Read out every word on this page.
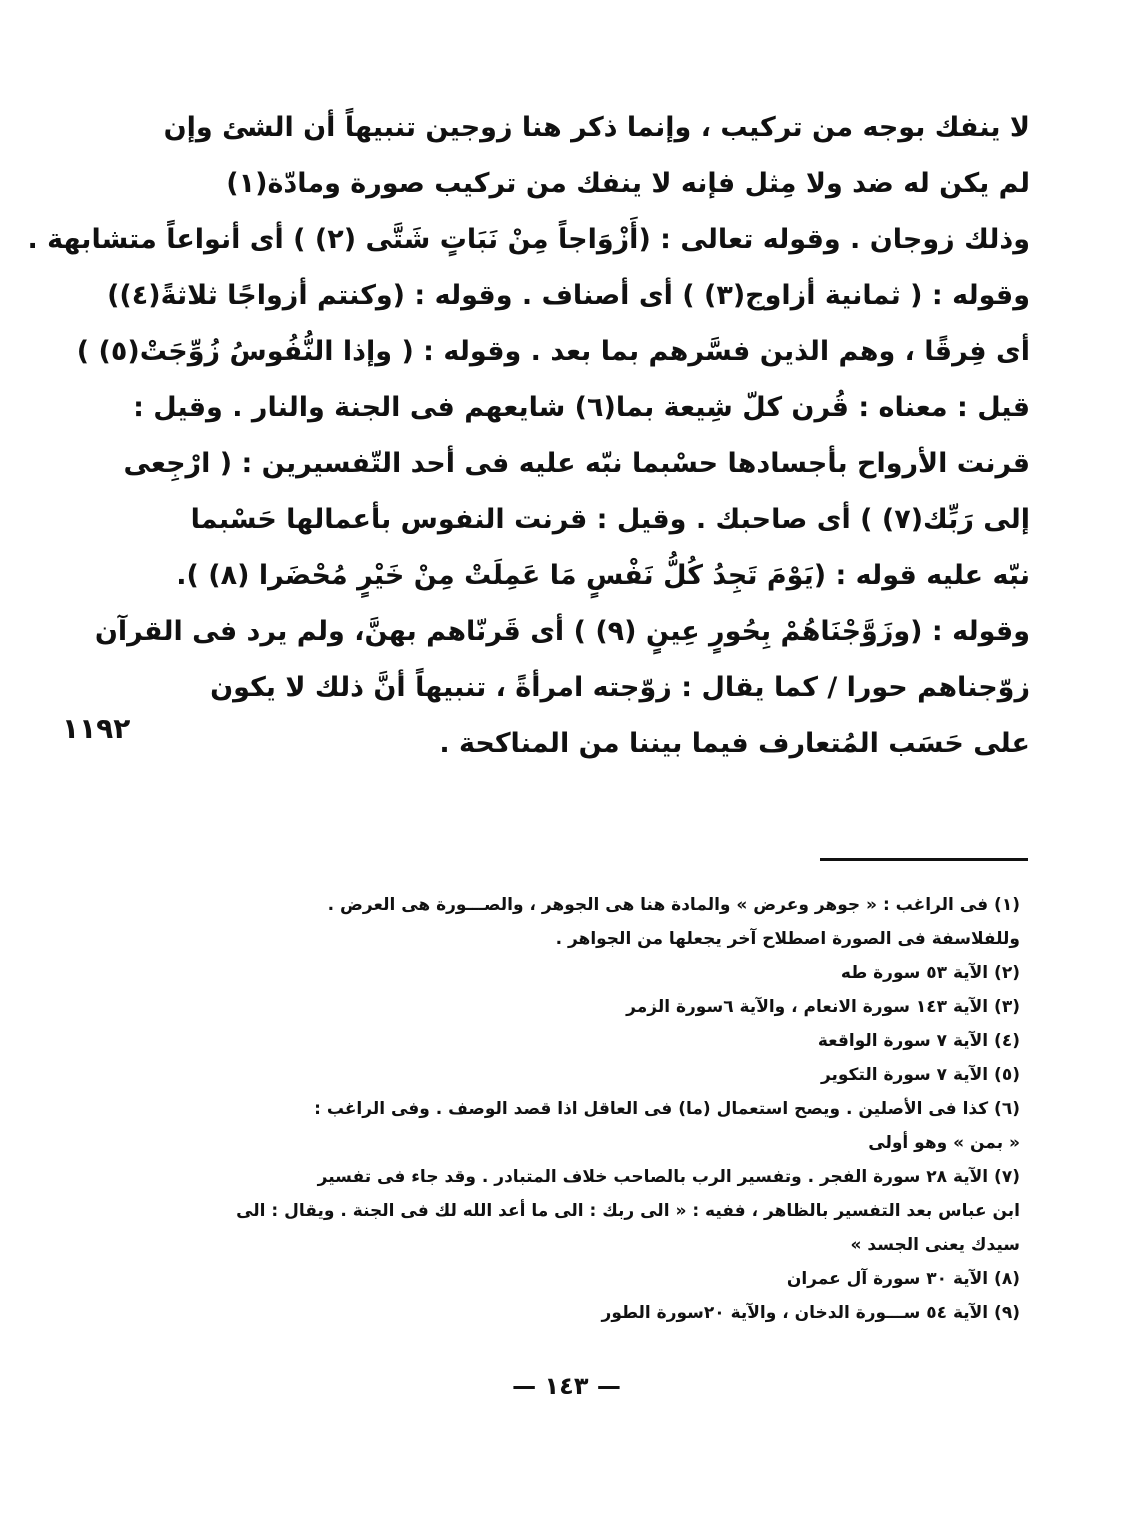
لا ينفك بوجه من تركيب ، وإنما ذكر هنا زوجين تنبيهاً أن الشئ وإن
لم يكن له ضد ولا مِثل فإنه لا ينفك من تركيب صورة ومادّة(١)
وذلك زوجان . وقوله تعالى : (أَزْوَاجاً مِنْ نَبَاتٍ شَتَّى (٢) ) أى أنواعاً متشابهة .
وقوله : ( ثمانية أزاوج(٣) ) أى أصناف . وقوله : (وكنتم أزواجًا ثلاثةً(٤))
أى فِرقًا ، وهم الذين فسَّرهم بما بعد . وقوله : ( وإذا النُّفُوسُ زُوِّجَتْ(٥) )
قيل : معناه : قُرن كلّ شِيعة بما(٦) شايعهم فى الجنة والنار . وقيل :
قرنت الأرواح بأجسادها حسْبما نبّه عليه فى أحد التّفسيرين : ( ارْجِعى
إلى رَبِّك(٧) ) أى صاحبك . وقيل : قرنت النفوس بأعمالها حَسْبما
نبّه عليه قوله : (يَوْمَ تَجِدُ كُلُّ نَفْسٍ مَا عَمِلَتْ مِنْ خَيْرٍ مُحْضَرا (٨) ).
وقوله : (وزَوَّجْنَاهُمْ بِحُورٍ عِينٍ (٩) ) أى قَرنّاهم بهنَّ، ولم يرد فى القرآن
زوّجناهم حورا / كما يقال : زوّجته امرأةً ، تنبيهاً أنَّ ذلك لا يكون
على حَسَب المُتعارف فيما بيننا من المناكحة .
١١٩٢
(١) فى الراغب : « جوهر وعرض » والمادة هنا هى الجوهر ، والصـــورة هى العرض .
وللفلاسفة فى الصورة اصطلاح آخر يجعلها من الجواهر .
(٢) الآية ٥٣ سورة طه
(٣) الآية ١٤٣ سورة الانعام ، والآية ٦سورة الزمر
(٤) الآية ٧ سورة الواقعة
(٥) الآية ٧ سورة التكوير
(٦) كذا فى الأصلين . ويصح استعمال (ما) فى العاقل اذا قصد الوصف . وفى الراغب :
« بمن » وهو أولى
(٧) الآية ٢٨ سورة الفجر . وتفسير الرب بالصاحب خلاف المتبادر . وقد جاء فى تفسير
ابن عباس بعد التفسير بالظاهر ، ففيه : « الى ربك : الى ما أعد الله لك فى الجنة . ويقال : الى
سيدك يعنى الجسد »
(٨) الآية ٣٠ سورة آل عمران
(٩) الآية ٥٤ ســـورة الدخان ، والآية ٢٠سورة الطور
— ١٤٣ —
